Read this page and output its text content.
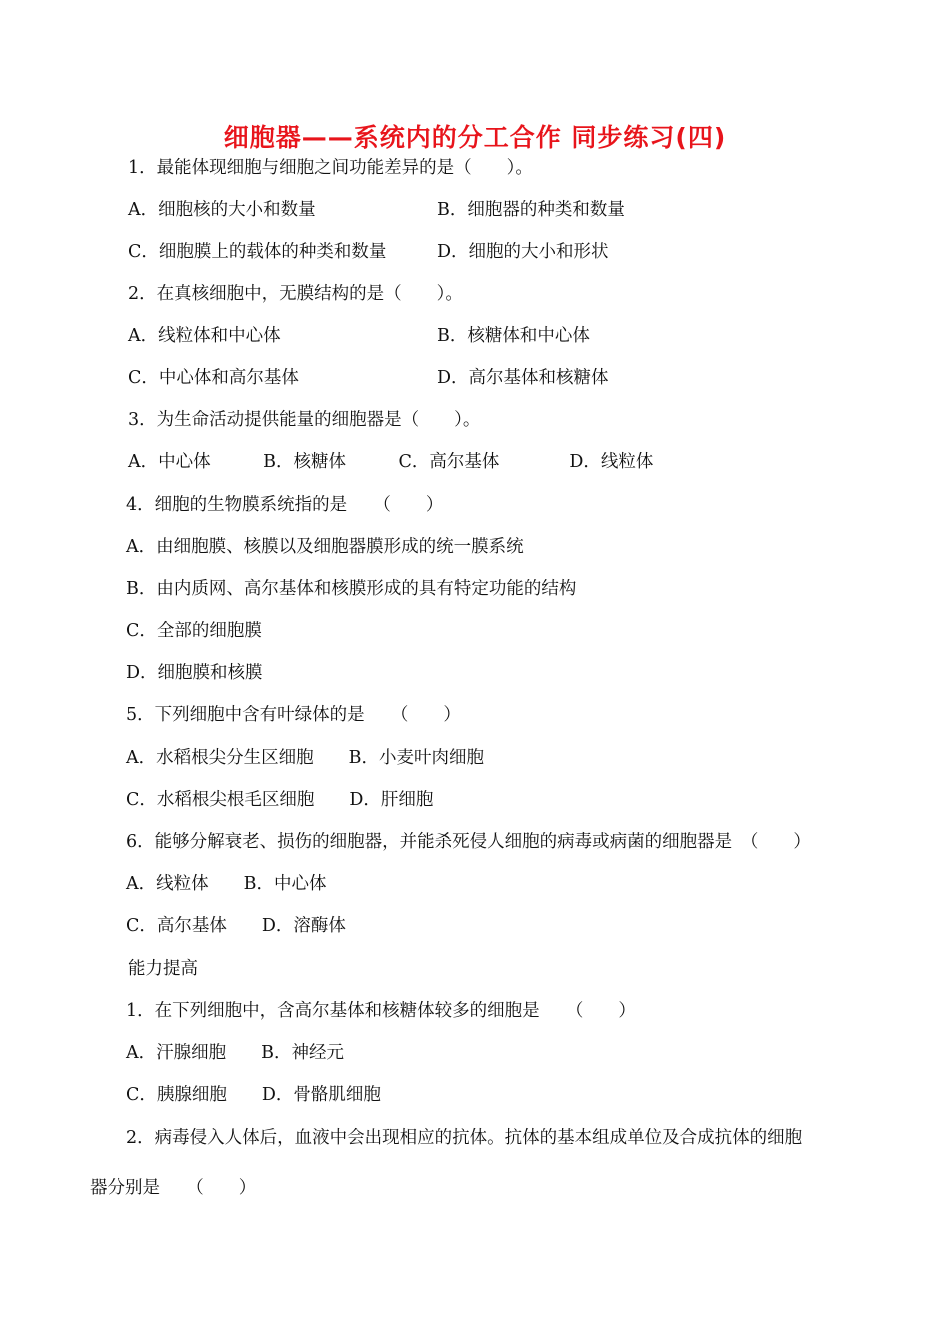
细胞器——系统内的分工合作 同步练习(四)
1．最能体现细胞与细胞之间功能差异的是（　　）。
A．细胞核的大小和数量	B．细胞器的种类和数量
C．细胞膜上的载体的种类和数量	D．细胞的大小和形状
2．在真核细胞中，无膜结构的是（　　）。
A．线粒体和中心体	B．核糖体和中心体
C．中心体和高尔基体	D．高尔基体和核糖体
3．为生命活动提供能量的细胞器是（　　）。
A．中心体　　　B．核糖体　　　C．高尔基体　　　　D．线粒体
4．细胞的生物膜系统指的是　　（　　）
A．由细胞膜、核膜以及细胞器膜形成的统一膜系统
B．由内质网、高尔基体和核膜形成的具有特定功能的结构
C．全部的细胞膜
D．细胞膜和核膜
5．下列细胞中含有叶绿体的是　　（　　）
A．水稻根尖分生区细胞　　B．小麦叶肉细胞
C．水稻根尖根毛区细胞　　D．肝细胞
6．能够分解衰老、损伤的细胞器，并能杀死侵人细胞的病毒或病菌的细胞器是　（　　）
A．线粒体　　B．中心体
C．高尔基体　　D．溶酶体
能力提高
1．在下列细胞中，含高尔基体和核糖体较多的细胞是　　（　　）
A．汗腺细胞　　B．神经元
C．胰腺细胞　　D．骨骼肌细胞
2．病毒侵入人体后，血液中会出现相应的抗体。抗体的基本组成单位及合成抗体的细胞
器分别是　　（　　）
